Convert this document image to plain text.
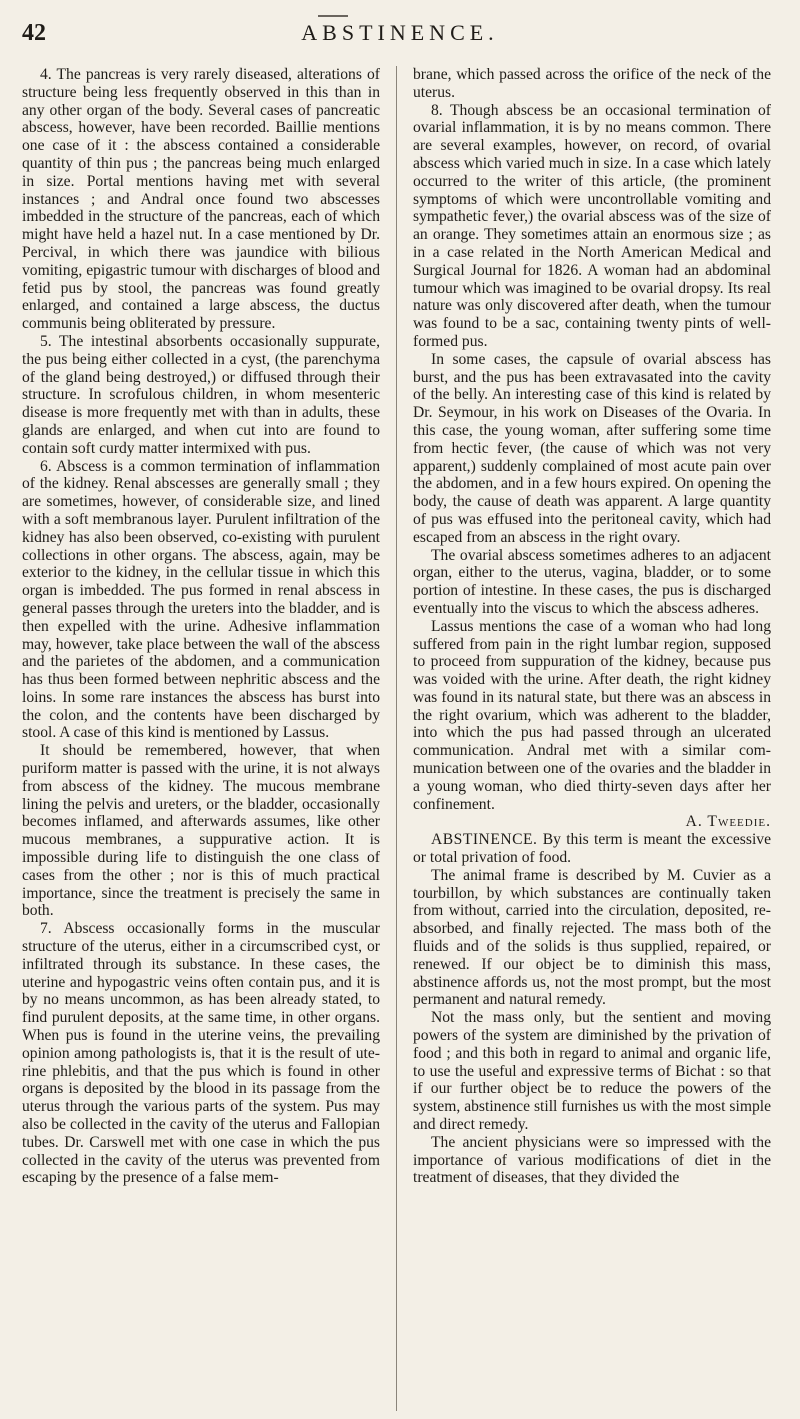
42	ABSTINENCE.

4. The pancreas is very rarely diseased, alterations of structure being less frequently observed in this than in any other organ of the body. Several cases of pancreatic abscess, however, have been recorded. Baillie mentions one case of it : the abscess contained a considerable quantity of thin pus ; the pancreas being much enlarged in size. Portal mentions having met with several instances ; and Andral once found two abscesses imbedded in the structure of the pancreas, each of which might have held a hazel nut. In a case mentioned by Dr. Percival, in which there was jaundice with bilious vomiting, epigastric tumour with discharges of blood and fetid pus by stool, the pancreas was found greatly enlarged, and contained a large abscess, the ductus communis being obliterated by pressure.

5. The intestinal absorbents occasionally suppurate, the pus being either collected in a cyst, (the parenchyma of the gland being destroyed,) or diffused through their structure. In scrofulous children, in whom mesenteric disease is more frequently met with than in adults, these glands are enlarged, and when cut into are found to contain soft curdy matter intermixed with pus.

6. Abscess is a common termination of inflammation of the kidney. Renal abscesses are generally small ; they are sometimes, however, of considerable size, and lined with a soft membranous layer. Purulent infiltration of the kidney has also been observed, co-existing with purulent collections in other organs. The abscess, again, may be exterior to the kidney, in the cellular tissue in which this organ is imbedded. The pus formed in renal abscess in general passes through the ureters into the bladder, and is then expelled with the urine. Adhesive inflammation may, however, take place between the wall of the abscess and the parietes of the abdomen, and a communication has thus been formed between nephritic abscess and the loins. In some rare instances the abscess has burst into the colon, and the contents have been discharged by stool. A case of this kind is mentioned by Lassus.

It should be remembered, however, that when puriform matter is passed with the urine, it is not always from abscess of the kidney. The mucous membrane lining the pelvis and ureters, or the bladder, occasionally becomes inflamed, and afterwards assumes, like other mucous membranes, a suppurative action. It is impossible during life to distinguish the one class of cases from the other ; nor is this of much practical importance, since the treatment is precisely the same in both.

7. Abscess occasionally forms in the muscular structure of the uterus, either in a circumscribed cyst, or infiltrated through its substance. In these cases, the uterine and hypogastric veins often contain pus, and it is by no means uncommon, as has been already stated, to find purulent deposits, at the same time, in other organs. When pus is found in the uterine veins, the prevailing opinion among pathologists is, that it is the result of uterine phlebitis, and that the pus which is found in other organs is deposited by the blood in its passage from the uterus through the various parts of the system. Pus may also be collected in the cavity of the uterus and Fallopian tubes. Dr. Carswell met with one case in which the pus collected in the cavity of the uterus was prevented from escaping by the presence of a false mem-

brane, which passed across the orifice of the neck of the uterus.

8. Though abscess be an occasional termination of ovarial inflammation, it is by no means common. There are several examples, however, on record, of ovarial abscess which varied much in size. In a case which lately occurred to the writer of this article, (the prominent symptoms of which were uncontrollable vomiting and sympathetic fever,) the ovarial abscess was of the size of an orange. They sometimes attain an enormous size ; as in a case related in the North American Medical and Surgical Journal for 1826. A woman had an abdominal tumour which was imagined to be ovarial dropsy. Its real nature was only discovered after death, when the tumour was found to be a sac, containing twenty pints of well-formed pus.

In some cases, the capsule of ovarial abscess has burst, and the pus has been extravasated into the cavity of the belly. An interesting case of this kind is related by Dr. Seymour, in his work on Diseases of the Ovaria. In this case, the young woman, after suffering some time from hectic fever, (the cause of which was not very apparent,) suddenly complained of most acute pain over the abdomen, and in a few hours expired. On opening the body, the cause of death was apparent. A large quantity of pus was effused into the peritoneal cavity, which had escaped from an abscess in the right ovary.

The ovarial abscess sometimes adheres to an adjacent organ, either to the uterus, vagina, bladder, or to some portion of intestine. In these cases, the pus is discharged eventually into the viscus to which the abscess adheres.

Lassus mentions the case of a woman who had long suffered from pain in the right lumbar region, supposed to proceed from suppuration of the kidney, because pus was voided with the urine. After death, the right kidney was found in its natural state, but there was an abscess in the right ovarium, which was adherent to the bladder, into which the pus had passed through an ulcerated communication. Andral met with a similar communication between one of the ovaries and the bladder in a young woman, who died thirty-seven days after her confinement.

A. Tweedie.

ABSTINENCE. By this term is meant the excessive or total privation of food.

The animal frame is described by M. Cuvier as a tourbillon, by which substances are continually taken from without, carried into the circulation, deposited, re-absorbed, and finally rejected. The mass both of the fluids and of the solids is thus supplied, repaired, or renewed. If our object be to diminish this mass, abstinence affords us, not the most prompt, but the most permanent and natural remedy.

Not the mass only, but the sentient and moving powers of the system are diminished by the privation of food ; and this both in regard to animal and organic life, to use the useful and expressive terms of Bichat : so that if our further object be to reduce the powers of the system, abstinence still furnishes us with the most simple and direct remedy.

The ancient physicians were so impressed with the importance of various modifications of diet in the treatment of diseases, that they divided the
